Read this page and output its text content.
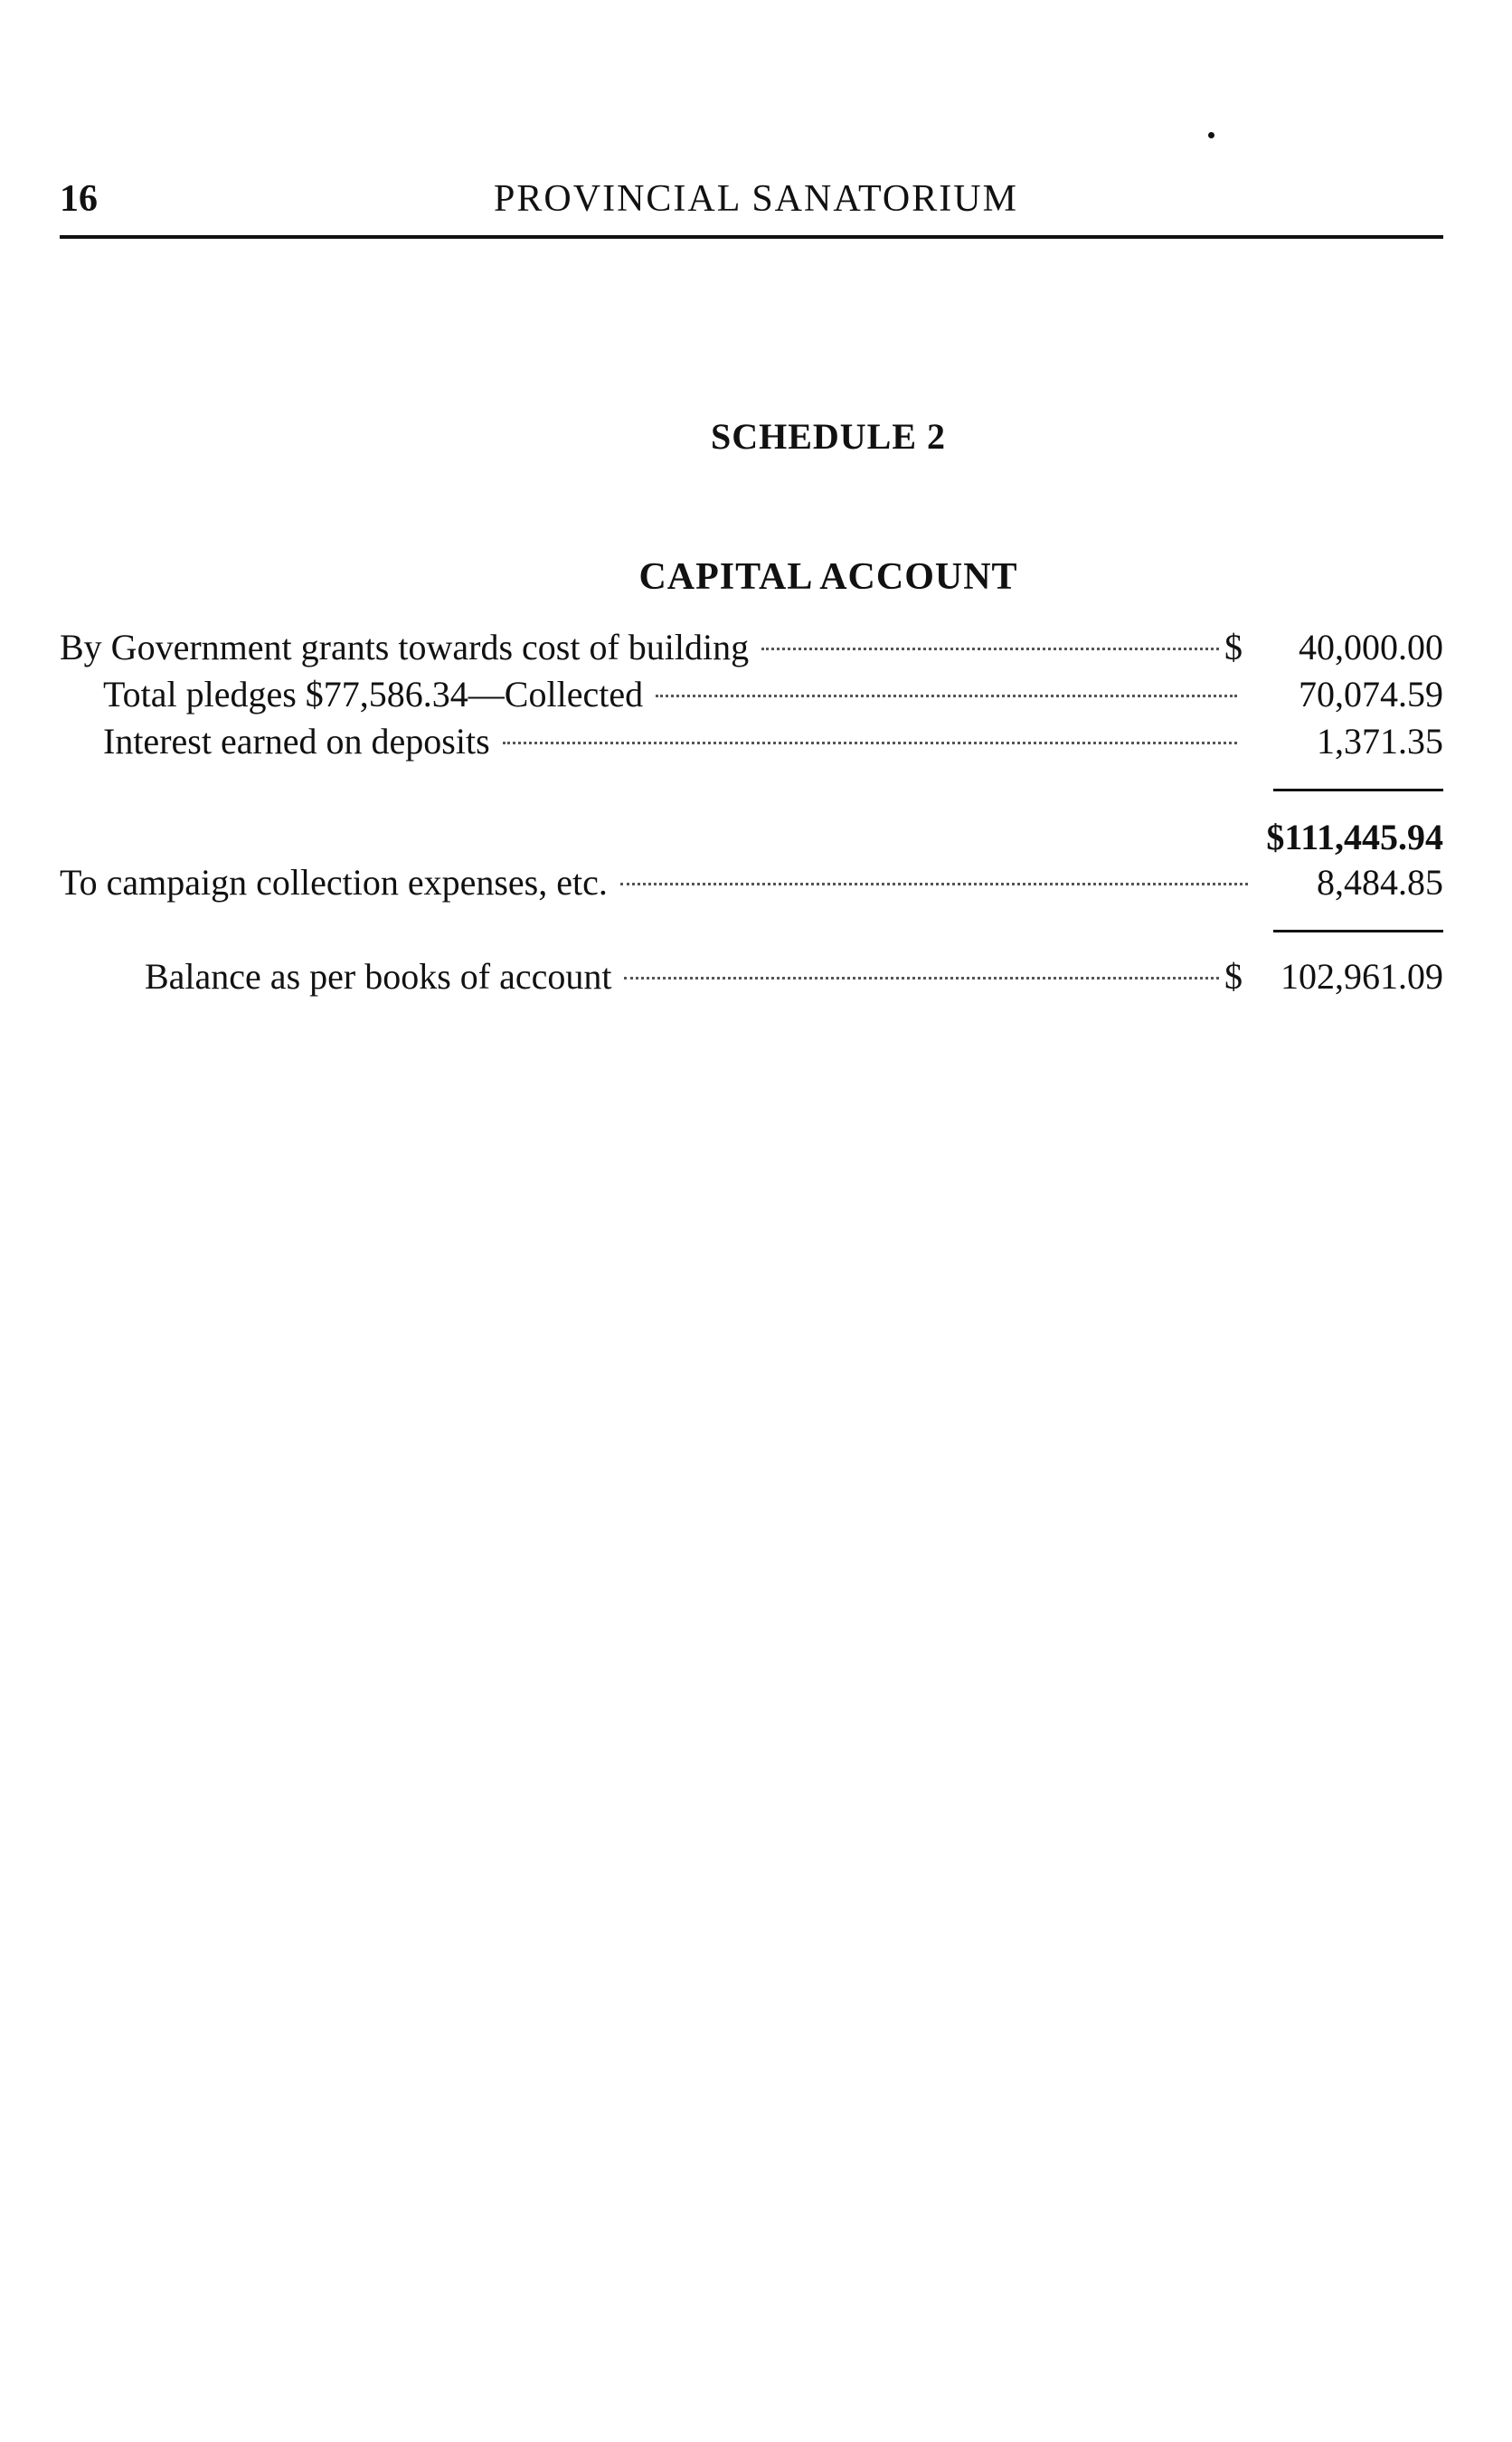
16	PROVINCIAL SANATORIUM
SCHEDULE 2
CAPITAL ACCOUNT
By Government grants towards cost of building	$	40,000.00
Total pledges $77,586.34—Collected	70,074.59
Interest earned on deposits	1,371.35
$111,445.94
To campaign collection expenses, etc.	8,484.85
Balance as per books of account	$	102,961.09
